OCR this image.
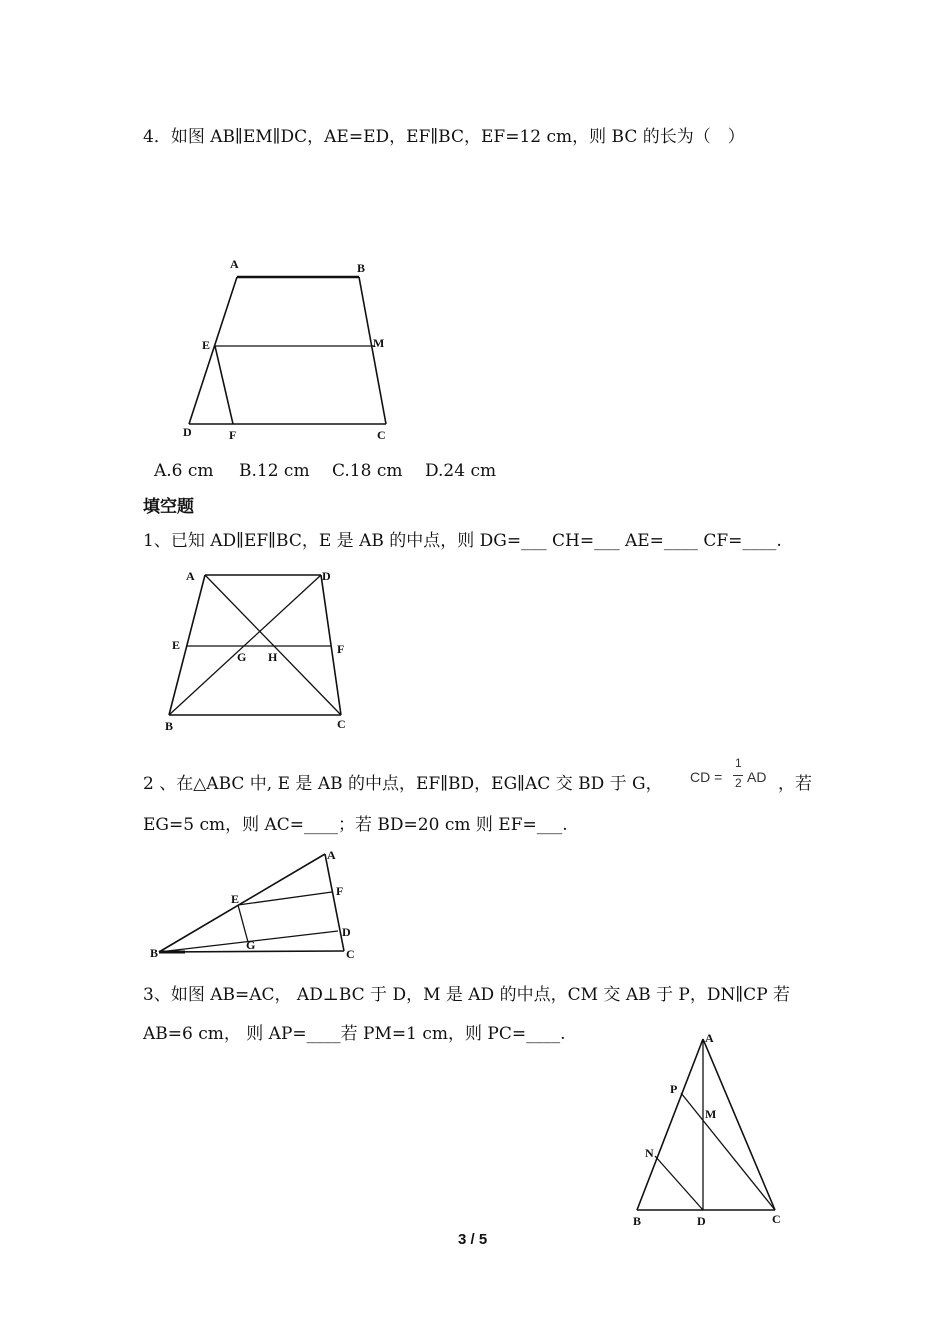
4．如图 AB∥EM∥DC，AE=ED，EF∥BC，EF=12 cm，则 BC 的长为（　）
A	B
E	M
D	F	C
A.6 cm B.12 cm C.18 cm D.24 cm
填空题
1、已知 AD∥EF∥BC，E 是 AB 的中点，则 DG=___ CH=___ AE=____ CF=____.
A	D
E
G H
F
B	C
2 、在△ABC 中, E 是 AB 的中点，EF∥BD，EG∥AC 交 BD 于 G， CD =
1
2 AD ，若
EG=5 cm，则 AC=____；若 BD=20 cm 则 EF=___.
A
E
F
G
D
B	C
3、如图 AB=AC， AD⊥BC 于 D，M 是 AD 的中点，CM 交 AB 于 P，DN∥CP 若
AB=6 cm， 则 AP=____若 PM=1 cm，则 PC=____.	A
P
M
N
B	D	C
3 / 5
